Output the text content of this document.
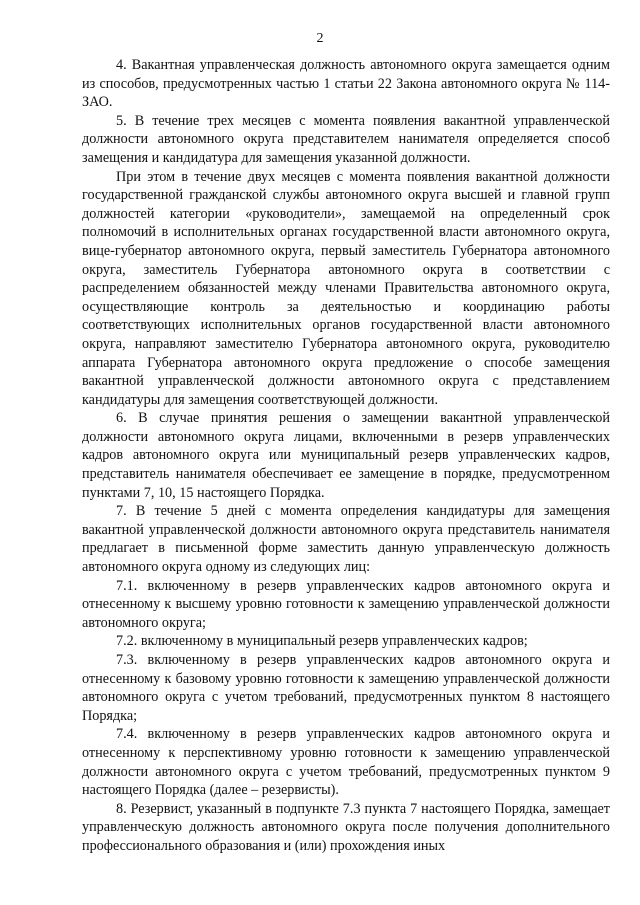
2

4. Вакантная управленческая должность автономного округа замещается одним из способов, предусмотренных частью 1 статьи 22 Закона автономного округа № 114-ЗАО.

5. В течение трех месяцев с момента появления вакантной управленческой должности автономного округа представителем нанимателя определяется способ замещения и кандидатура для замещения указанной должности.

При этом в течение двух месяцев с момента появления вакантной должности государственной гражданской службы автономного округа высшей и главной групп должностей категории «руководители», замещаемой на определенный срок полномочий в исполнительных органах государственной власти автономного округа, вице-губернатор автономного округа, первый заместитель Губернатора автономного округа, заместитель Губернатора автономного округа в соответствии с распределением обязанностей между членами Правительства автономного округа, осуществляющие контроль за деятельностью и координацию работы соответствующих исполнительных органов государственной власти автономного округа, направляют заместителю Губернатора автономного округа, руководителю аппарата Губернатора автономного округа предложение о способе замещения вакантной управленческой должности автономного округа с представлением кандидатуры для замещения соответствующей должности.

6. В случае принятия решения о замещении вакантной управленческой должности автономного округа лицами, включенными в резерв управленческих кадров автономного округа или муниципальный резерв управленческих кадров, представитель нанимателя обеспечивает ее замещение в порядке, предусмотренном пунктами 7, 10, 15 настоящего Порядка.

7. В течение 5 дней с момента определения кандидатуры для замещения вакантной управленческой должности автономного округа представитель нанимателя предлагает в письменной форме заместить данную управленческую должность автономного округа одному из следующих лиц:

7.1. включенному в резерв управленческих кадров автономного округа и отнесенному к высшему уровню готовности к замещению управленческой должности автономного округа;

7.2. включенному в муниципальный резерв управленческих кадров;

7.3. включенному в резерв управленческих кадров автономного округа и отнесенному к базовому уровню готовности к замещению управленческой должности автономного округа с учетом требований, предусмотренных пунктом 8 настоящего Порядка;

7.4. включенному в резерв управленческих кадров автономного округа и отнесенному к перспективному уровню готовности к замещению управленческой должности автономного округа с учетом требований, предусмотренных пунктом 9 настоящего Порядка (далее – резервисты).

8. Резервист, указанный в подпункте 7.3 пункта 7 настоящего Порядка, замещает управленческую должность автономного округа после получения дополнительного профессионального образования и (или) прохождения иных
